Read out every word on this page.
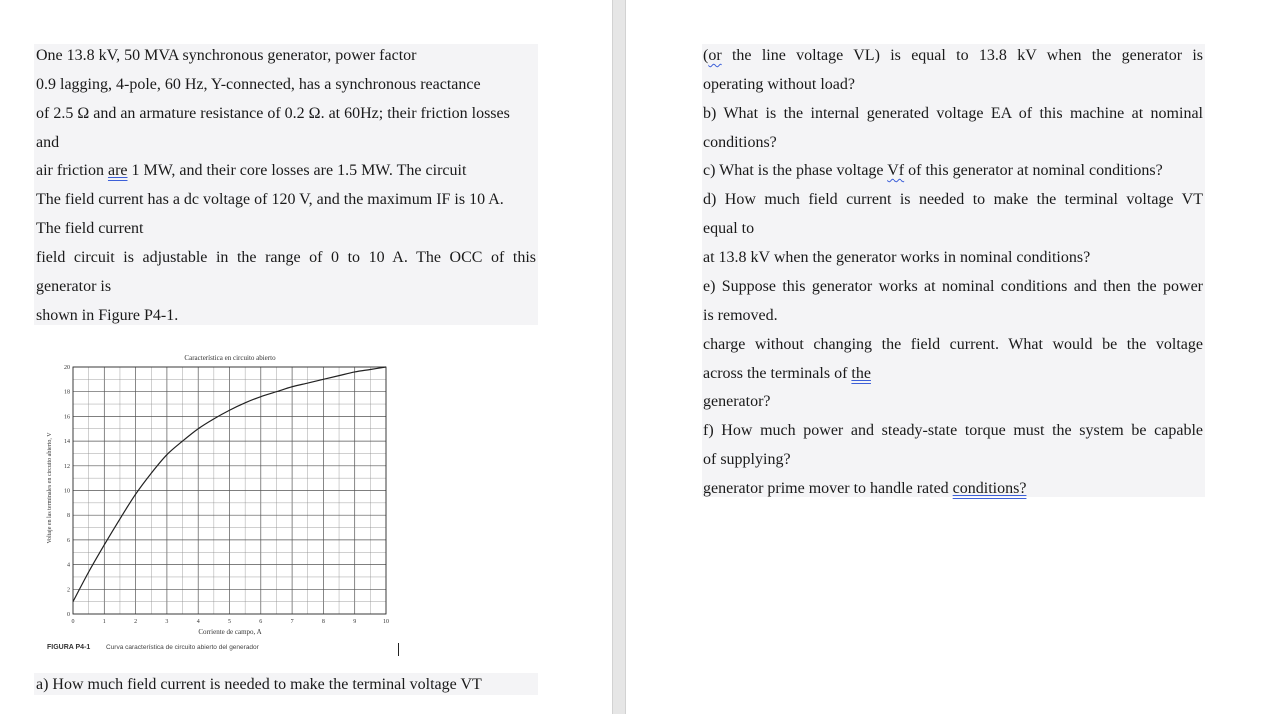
One 13.8 kV, 50 MVA synchronous generator, power factor
0.9 lagging, 4-pole, 60 Hz, Y-connected, has a synchronous reactance
of 2.5 Ω and an armature resistance of 0.2 Ω. at 60Hz; their friction losses
and
air friction are 1 MW, and their core losses are 1.5 MW. The circuit
The field current has a dc voltage of 120 V, and the maximum IF is 10 A.
The field current
field circuit is adjustable in the range of 0 to 10 A. The OCC of this
generator is
shown in Figure P4-1.
Característica en circuito abierto
0	1	2	3	4	5	6	7	8	9	10
0
2
4
6
8
10
12
14
16
18
20
Corriente de campo, A
Voltaje en las terminales en circuito abierto, V
FIGURA P4-1 Curva característica de circuito abierto del generador
a) How much field current is needed to make the terminal voltage VT
(or the line voltage VL) is equal to 13.8 kV when the generator is
operating without load?
b) What is the internal generated voltage EA of this machine at nominal
conditions?
c) What is the phase voltage Vf of this generator at nominal conditions?
d) How much field current is needed to make the terminal voltage VT
equal to
at 13.8 kV when the generator works in nominal conditions?
e) Suppose this generator works at nominal conditions and then the power
is removed.
charge without changing the field current. What would be the voltage
across the terminals of the
generator?
f) How much power and steady-state torque must the system be capable
of supplying?
generator prime mover to handle rated conditions?
